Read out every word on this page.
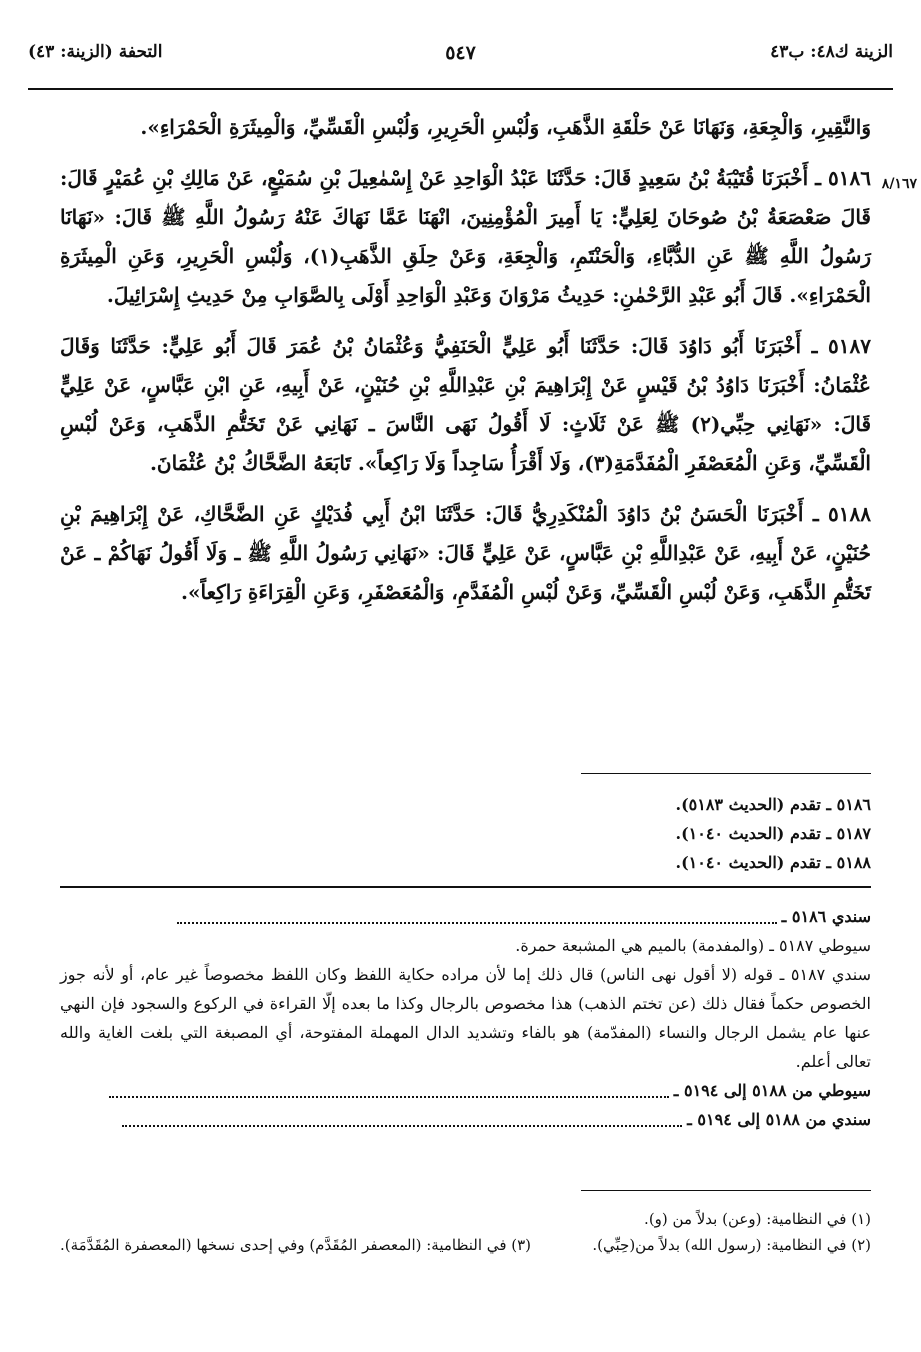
الزينة ك٤٨: ب٤٣
٥٤٧
التحفة (الزينة: ٤٣)
٨/١٦٧

وَالنَّقِيرِ، وَالْجِعَةِ، وَنَهَانَا عَنْ حَلْقَةِ الذَّهَبِ، وَلُبْسِ الْحَرِيرِ، وَلُبْسِ الْقَسِّيِّ، وَالْمِيثَرَةِ الْحَمْرَاءِ».

٥١٨٦ ـ أَخْبَرَنَا قُتَيْبَةُ بْنُ سَعِيدٍ قَالَ: حَدَّثَنَا عَبْدُ الْوَاحِدِ عَنْ إِسْمٰعِيلَ بْنِ سُمَيْعٍ، عَنْ مَالِكِ بْنِ عُمَيْرٍ قَالَ: قَالَ صَعْصَعَةُ بْنُ صُوحَانَ لِعَلِيٍّ: يَا أَمِيرَ الْمُؤْمِنِينَ، انْهَنَا عَمَّا نَهَاكَ عَنْهُ رَسُولُ اللَّهِ ﷺ قَالَ: «نَهَانَا رَسُولُ اللَّهِ ﷺ عَنِ الدُّبَّاءِ، وَالْحَنْتَمِ، وَالْجِعَةِ، وَعَنْ حِلَقِ الذَّهَبِ(١)، وَلُبْسِ الْحَرِيرِ، وَعَنِ الْمِيثَرَةِ الْحَمْرَاءِ». قَالَ أَبُو عَبْدِ الرَّحْمٰنِ: حَدِيثُ مَرْوَانَ وَعَبْدِ الْوَاحِدِ أَوْلَى بِالصَّوَابِ مِنْ حَدِيثِ إِسْرَائِيلَ.

٥١٨٧ ـ أَخْبَرَنَا أَبُو دَاوُدَ قَالَ: حَدَّثَنَا أَبُو عَلِيٍّ الْحَنَفِيُّ وَعُثْمَانُ بْنُ عُمَرَ قَالَ أَبُو عَلِيٍّ: حَدَّثَنَا وَقَالَ عُثْمَانُ: أَخْبَرَنَا دَاوُدُ بْنُ قَيْسٍ عَنْ إِبْرَاهِيمَ بْنِ عَبْدِاللَّهِ بْنِ حُنَيْنٍ، عَنْ أَبِيهِ، عَنِ ابْنِ عَبَّاسٍ، عَنْ عَلِيٍّ قَالَ: «نَهَانِي حِبِّي(٢) ﷺ عَنْ ثَلَاثٍ: لَا أَقُولُ نَهَى النَّاسَ ـ نَهَانِي عَنْ تَخَتُّمِ الذَّهَبِ، وَعَنْ لُبْسِ الْقَسِّيِّ، وَعَنِ الْمُعَصْفَرِ الْمُفَدَّمَةِ(٣)، وَلَا أَقْرَأُ سَاجِداً وَلَا رَاكِعاً». تَابَعَهُ الضَّحَّاكُ بْنُ عُثْمَانَ.

٥١٨٨ ـ أَخْبَرَنَا الْحَسَنُ بْنُ دَاوُدَ الْمُنْكَدِرِيُّ قَالَ: حَدَّثَنَا ابْنُ أَبِي فُدَيْكٍ عَنِ الضَّحَّاكِ، عَنْ إِبْرَاهِيمَ بْنِ حُنَيْنٍ، عَنْ أَبِيهِ، عَنْ عَبْدِاللَّهِ بْنِ عَبَّاسٍ، عَنْ عَلِيٍّ قَالَ: «نَهَانِي رَسُولُ اللَّهِ ﷺ ـ وَلَا أَقُولُ نَهَاكُمْ ـ عَنْ تَخَتُّمِ الذَّهَبِ، وَعَنْ لُبْسِ الْقَسِّيِّ، وَعَنْ لُبْسِ الْمُفَدَّمِ، وَالْمُعَصْفَرِ، وَعَنِ الْقِرَاءَةِ رَاكِعاً».

٥١٨٦ ـ تقدم (الحديث ٥١٨٣).
٥١٨٧ ـ تقدم (الحديث ١٠٤٠).
٥١٨٨ ـ تقدم (الحديث ١٠٤٠).
سندي ٥١٨٦ ـ
سيوطي ٥١٨٧ ـ (والمفدمة) بالميم هي المشبعة حمرة.
سندي ٥١٨٧ ـ قوله (لا أقول نهى الناس) قال ذلك إما لأن مراده حكاية اللفظ وكان اللفظ مخصوصاً غير عام، أو لأنه جوز الخصوص حكماً فقال ذلك (عن تختم الذهب) هذا مخصوص بالرجال وكذا ما بعده إلّا القراءة في الركوع والسجود فإن النهي عنها عام يشمل الرجال والنساء (المفدّمة) هو بالفاء وتشديد الدال المهملة المفتوحة، أي المصبغة التي بلغت الغاية والله تعالى أعلم.
سيوطي من ٥١٨٨ إلى ٥١٩٤ ـ
سندي من ٥١٨٨ إلى ٥١٩٤ ـ
(١) في النظامية: (وعن) بدلاً من (و).
(٢) في النظامية: (رسول الله) بدلاً من(حِبِّي).
(٣) في النظامية: (المعصفر المُقَدَّم) وفي إحدى نسخها (المعصفرة المُقَدَّمَة).
